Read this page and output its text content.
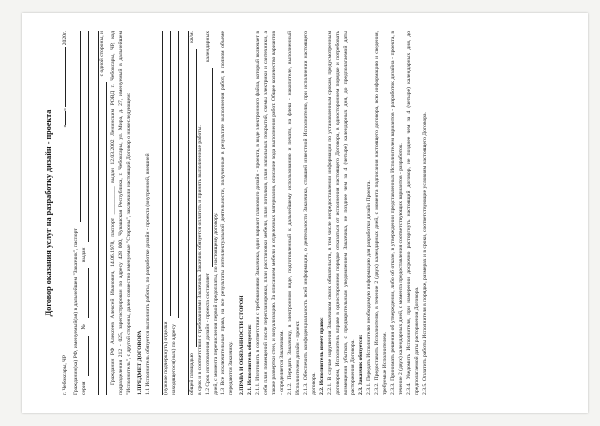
Договор оказания услуг на разработку дизайн - проекта
г. Чебоксары, ЧР
«»  2020г.
Гражданин(ка) РФ, именуемый(ая) в дальнейшем "Заказчик", паспорт серия
№
выдан
с одной стороны, и Гражданин РФ Алексеев Алексей Иванович, 14.06.1978, паспорт __________ выдан 12.03.2002 Ленинским РОВД г. Чебоксары, ЧР, код подразделения 212 - 025, зарегистрирован по адресу 428 000, Чувашская Республика, г. Чебоксары, ул. Мира, д. 27, именуемый в дальнейшем "Исполнитель", с другой стороны, далее совместно именуемые "Стороны", заключили настоящий Договор о нижеследующем: 1.ПРЕДМЕТ ДОГОВОРА 1.1 Исполнитель обязуется выполнить работы, по разработке дизайн - проекта (внутренней, внешней	(нужное подчеркнуть) отделки находящегося(ных) по адресу	общей площадью
кв/м.

в срок и в соответствии с требованиями Заказчика. Заказчик обязуется оплатить и принять выполненные работы. 1.2 Срок изготовления дизайн - проекта составляет
календарных

дней, с момента перечисления первой предоплаты, по настоящему договору. 1.3 Все исключительные права, на все результаты интеллектуальной деятельности, полученные в результате выполнения работ, в полном объеме передаются Заказчику. 2.ПРАВА И ОБЯЗАННОСТИ СТОРОН 2.1. Исполнитель обязуется: 2.1.1. Изготовить в соответствии с требованиями Заказчика, один вариант планового дизайн - проекта, в виде электронного файла, который включает в себя план помещений после перепланировки, план расстановки мебели, план потолков, план напольных покрытий, схемы электрики и сантехники, а также развертки стен, и визуализацию. За описанием мебели и отделочных материалов, описание хода выполнения работ. Общее количество вариантов - определяется Заказчиком. 2.1.2. Передать Заказчику, в электронном виде, подготовленный к дальнейшему использованию и печати, на флеш - накопителе, выполненный Исполнителем дизайн - проект. 2.1.3. Обеспечить конфиденциальность всей информации, о деятельности Заказчика, ставшей известной Исполнителю, при исполнении настоящего договора. 2.2. Исполнитель имеет право: 2.2.1. В случае нарушения Заказчиком своих обязательств, в том числе непредоставлении информации по установленным срокам, предусмотренным договором, Исполнитель вправе в одностороннем порядке отказаться от исполнения настоящего Договора, в одностороннем порядке и потребовать возмещения убытков, с предварительным уведомлением Заказчика, не позднее чем за 4 (четыре) календарных дня, до предполагаемой даты расторжения Договора. 2.3. Заказчик обязуется: 2.3.1. Передать Исполнителю необходимую информацию для разработки дизайн Проекта. 2.3.2. Предоставить Исполнителю, в течение 2 (двух) календарных дней, с момента подписания настоящего договора, всю информацию и сведения, требуемые Исполнителем. 2.3.3. Принимать решения об утверждении, либо об отказе, в утверждении представленных Исполнителем вариантов - разработок дизайна - проекта, в течение 2 (двух) календарных дней, с момента предоставления соответствующих вариантов - разработок. 2.3.4. Уведомить Исполнителя, при намерении досрочно расторгнуть настоящий договор, не позднее чем за 4 (четыре) календарных дня, до предполагаемой даты расторжения Договора. 2.3.5. Оплатить работы Исполнителя в порядке, размерах и в сроки, соответствующие условиям настоящего Договора.
